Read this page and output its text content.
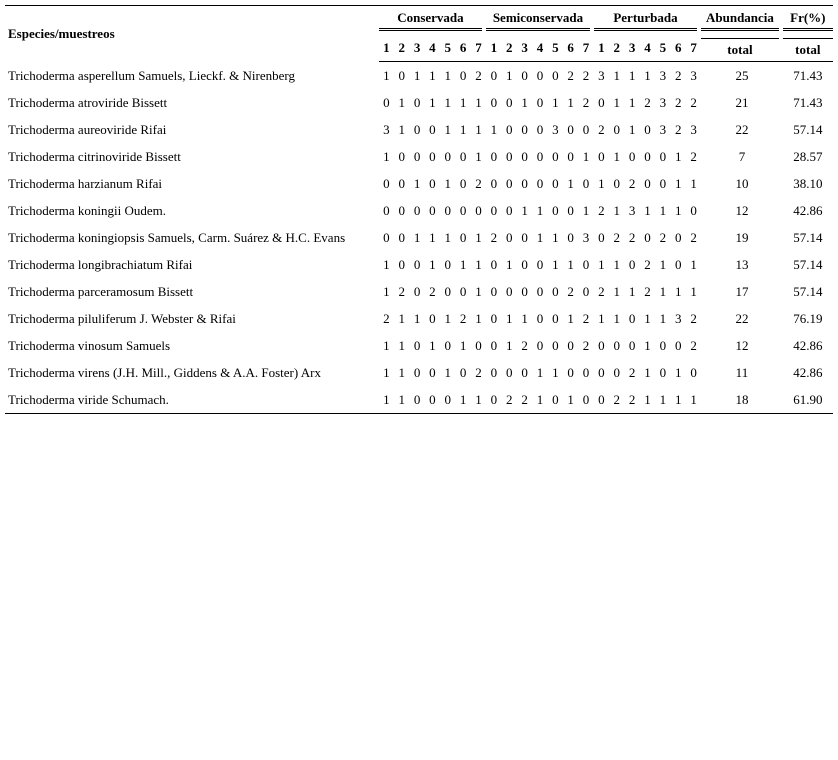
Especies/muestreos	Conservada							Semiconservada							Perturbada							Abundancia	Fr(%)

	1	2	3	4	5	6	7	1	2	3	4	5	6	7	1	2	3	4	5	6	7	total	total

Trichoderma asperellum Samuels, Lieckf. & Nirenberg	1	0	1	1	1	0	2	0	1	0	0	0	2	2	3	1	1	1	3	2	3	25	71.43
Trichoderma atroviride Bissett	0	1	0	1	1	1	1	0	0	1	0	1	1	2	0	1	1	2	3	2	2	21	71.43
Trichoderma aureoviride Rifai	3	1	0	0	1	1	1	1	0	0	0	3	0	0	2	0	1	0	3	2	3	22	57.14
Trichoderma citrinoviride Bissett	1	0	0	0	0	0	1	0	0	0	0	0	0	1	0	1	0	0	0	1	2	7	28.57
Trichoderma harzianum Rifai	0	0	1	0	1	0	2	0	0	0	0	0	1	0	1	0	2	0	0	1	1	10	38.10
Trichoderma koningii Oudem.	0	0	0	0	0	0	0	0	0	1	1	0	0	1	2	1	3	1	1	1	0	12	42.86
Trichoderma koningiopsis Samuels, Carm. Suárez & H.C. Evans	0	0	1	1	1	0	1	2	0	0	1	1	0	3	0	2	2	0	2	0	2	19	57.14
Trichoderma longibrachiatum Rifai	1	0	0	1	0	1	1	0	1	0	0	1	1	0	1	1	0	2	1	0	1	13	57.14
Trichoderma parceramosum Bissett	1	2	0	2	0	0	1	0	0	0	0	0	2	0	2	1	1	2	1	1	1	17	57.14
Trichoderma piluliferum J. Webster & Rifai	2	1	1	0	1	2	1	0	1	1	0	0	1	2	1	1	0	1	1	3	2	22	76.19
Trichoderma vinosum Samuels	1	1	0	1	0	1	0	0	1	2	0	0	0	2	0	0	0	1	0	0	2	12	42.86
Trichoderma virens (J.H. Mill., Giddens & A.A. Foster) Arx	1	1	0	0	1	0	2	0	0	0	1	1	0	0	0	0	2	1	0	1	0	11	42.86
Trichoderma viride Schumach.	1	1	0	0	0	1	1	0	2	2	1	0	1	0	0	2	2	1	1	1	1	18	61.90
